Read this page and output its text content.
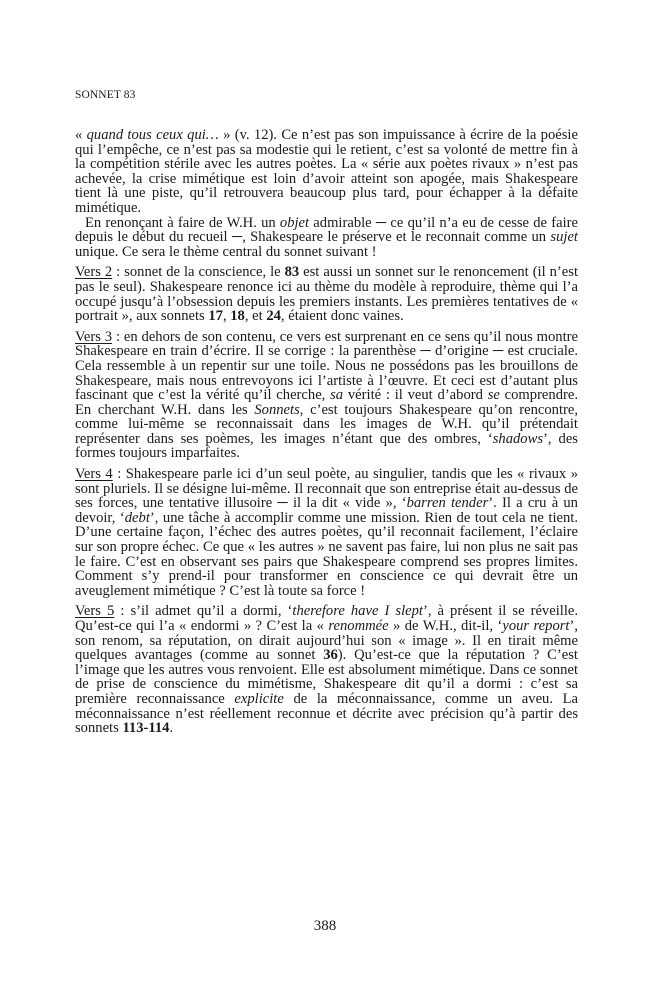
SONNET 83

« quand tous ceux qui… » (v. 12). Ce n’est pas son impuissance à écrire de la poésie qui l’empêche, ce n’est pas sa modestie qui le retient, c’est sa volonté de mettre fin à la compétition stérile avec les autres poètes. La « série aux poètes rivaux » n’est pas achevée, la crise mimétique est loin d’avoir atteint son apogée, mais Shakespeare tient là une piste, qu’il retrouvera beaucoup plus tard, pour échapper à la défaite mimétique.

En renonçant à faire de W.H. un objet admirable ─ ce qu’il n’a eu de cesse de faire depuis le début du recueil ─, Shakespeare le préserve et le reconnait comme un sujet unique. Ce sera le thème central du sonnet suivant !

Vers 2 : sonnet de la conscience, le 83 est aussi un sonnet sur le renoncement (il n’est pas le seul). Shakespeare renonce ici au thème du modèle à reproduire, thème qui l’a occupé jusqu’à l’obsession depuis les premiers instants. Les premières tentatives de « portrait », aux sonnets 17, 18, et 24, étaient donc vaines.

Vers 3 : en dehors de son contenu, ce vers est surprenant en ce sens qu’il nous montre Shakespeare en train d’écrire. Il se corrige : la parenthèse ─ d’origine ─ est cruciale. Cela ressemble à un repentir sur une toile. Nous ne possédons pas les brouillons de Shakespeare, mais nous entrevoyons ici l’artiste à l’œuvre. Et ceci est d’autant plus fascinant que c’est la vérité qu’il cherche, sa vérité : il veut d’abord se comprendre. En cherchant W.H. dans les Sonnets, c’est toujours Shakespeare qu’on rencontre, comme lui-même se reconnaissait dans les images de W.H. qu’il prétendait représenter dans ses poèmes, les images n’étant que des ombres, ‘shadows’, des formes toujours imparfaites.

Vers 4 : Shakespeare parle ici d’un seul poète, au singulier, tandis que les « rivaux » sont pluriels. Il se désigne lui-même. Il reconnait que son entreprise était au-dessus de ses forces, une tentative illusoire ─ il la dit « vide », ‘barren tender’. Il a cru à un devoir, ‘debt’, une tâche à accomplir comme une mission. Rien de tout cela ne tient. D’une certaine façon, l’échec des autres poètes, qu’il reconnait facilement, l’éclaire sur son propre échec. Ce que « les autres » ne savent pas faire, lui non plus ne sait pas le faire. C’est en observant ses pairs que Shakespeare comprend ses propres limites. Comment s’y prend-il pour transformer en conscience ce qui devrait être un aveuglement mimétique ? C’est là toute sa force !

Vers 5 : s’il admet qu’il a dormi, ‘therefore have I slept’, à présent il se réveille. Qu’est-ce qui l’a « endormi » ? C’est la « renommée » de W.H., dit-il, ‘your report’, son renom, sa réputation, on dirait aujourd’hui son « image ». Il en tirait même quelques avantages (comme au sonnet 36). Qu’est-ce que la réputation ? C’est l’image que les autres vous renvoient. Elle est absolument mimétique. Dans ce sonnet de prise de conscience du mimétisme, Shakespeare dit qu’il a dormi : c’est sa première reconnaissance explicite de la méconnaissance, comme un aveu. La méconnaissance n’est réellement reconnue et décrite avec précision qu’à partir des sonnets 113-114.

388
